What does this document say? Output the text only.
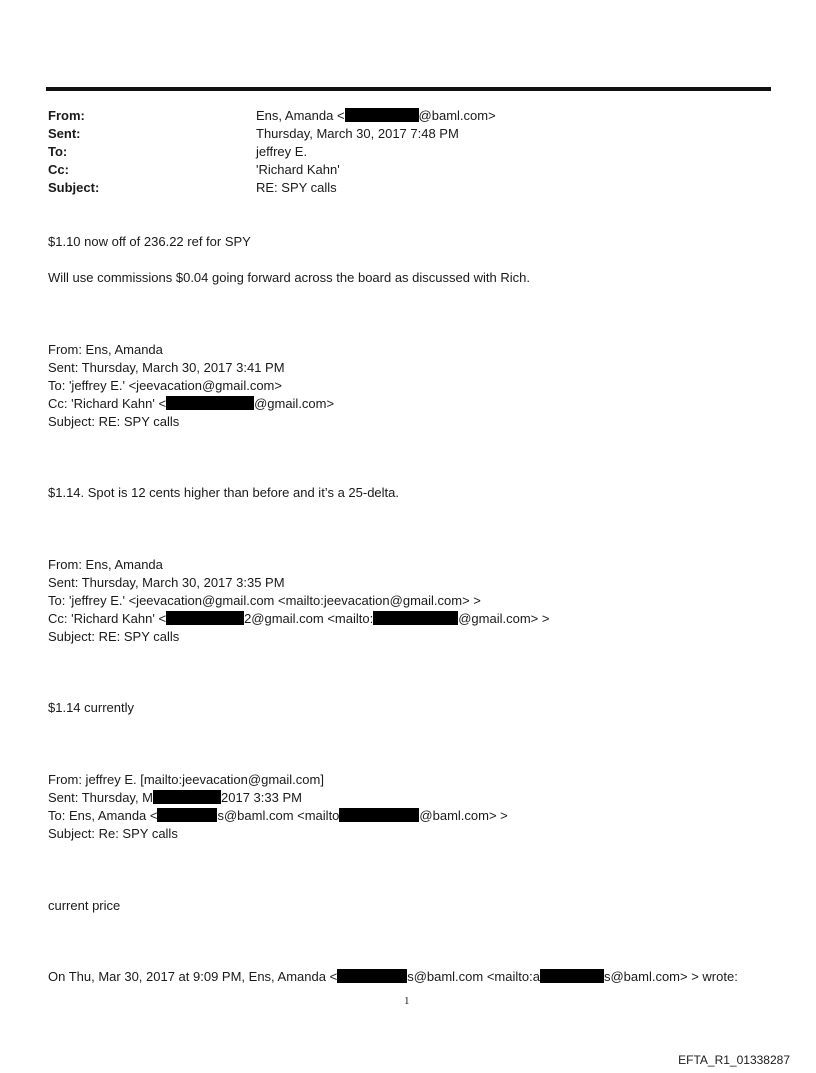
From:	Ens, Amanda <	@baml.com>
Sent:	Thursday, March 30, 2017 7:48 PM
To:	jeffrey E.
Cc:	'Richard Kahn'
Subject:	RE: SPY calls
$1.10 now off of 236.22 ref for SPY
Will use commissions $0.04 going forward across the board as discussed with Rich.
From: Ens, Amanda
Sent: Thursday, March 30, 2017 3:41 PM
To: 'jeffrey E.' <jeevacation@gmail.com>
Cc: 'Richard Kahn' <	@gmail.com>
Subject: RE: SPY calls
$1.14. Spot is 12 cents higher than before and it’s a 25-delta.
From: Ens, Amanda
Sent: Thursday, March 30, 2017 3:35 PM
To: 'jeffrey E.' <jeevacation@gmail.com <mailto:jeevacation@gmail.com> >
Cc: 'Richard Kahn' <	2@gmail.com <mailto:	@gmail.com> >
Subject: RE: SPY calls
$1.14 currently
From: jeffrey E. [mailto:jeevacation@gmail.com]
Sent: Thursday, M	2017 3:33 PM
To: Ens, Amanda <	s@baml.com <mailto	@baml.com> >
Subject: Re: SPY calls
current price
On Thu, Mar 30, 2017 at 9:09 PM, Ens, Amanda <	s@baml.com <mailto:a	s@baml.com> > wrote:
1
EFTA_R1_01338287
